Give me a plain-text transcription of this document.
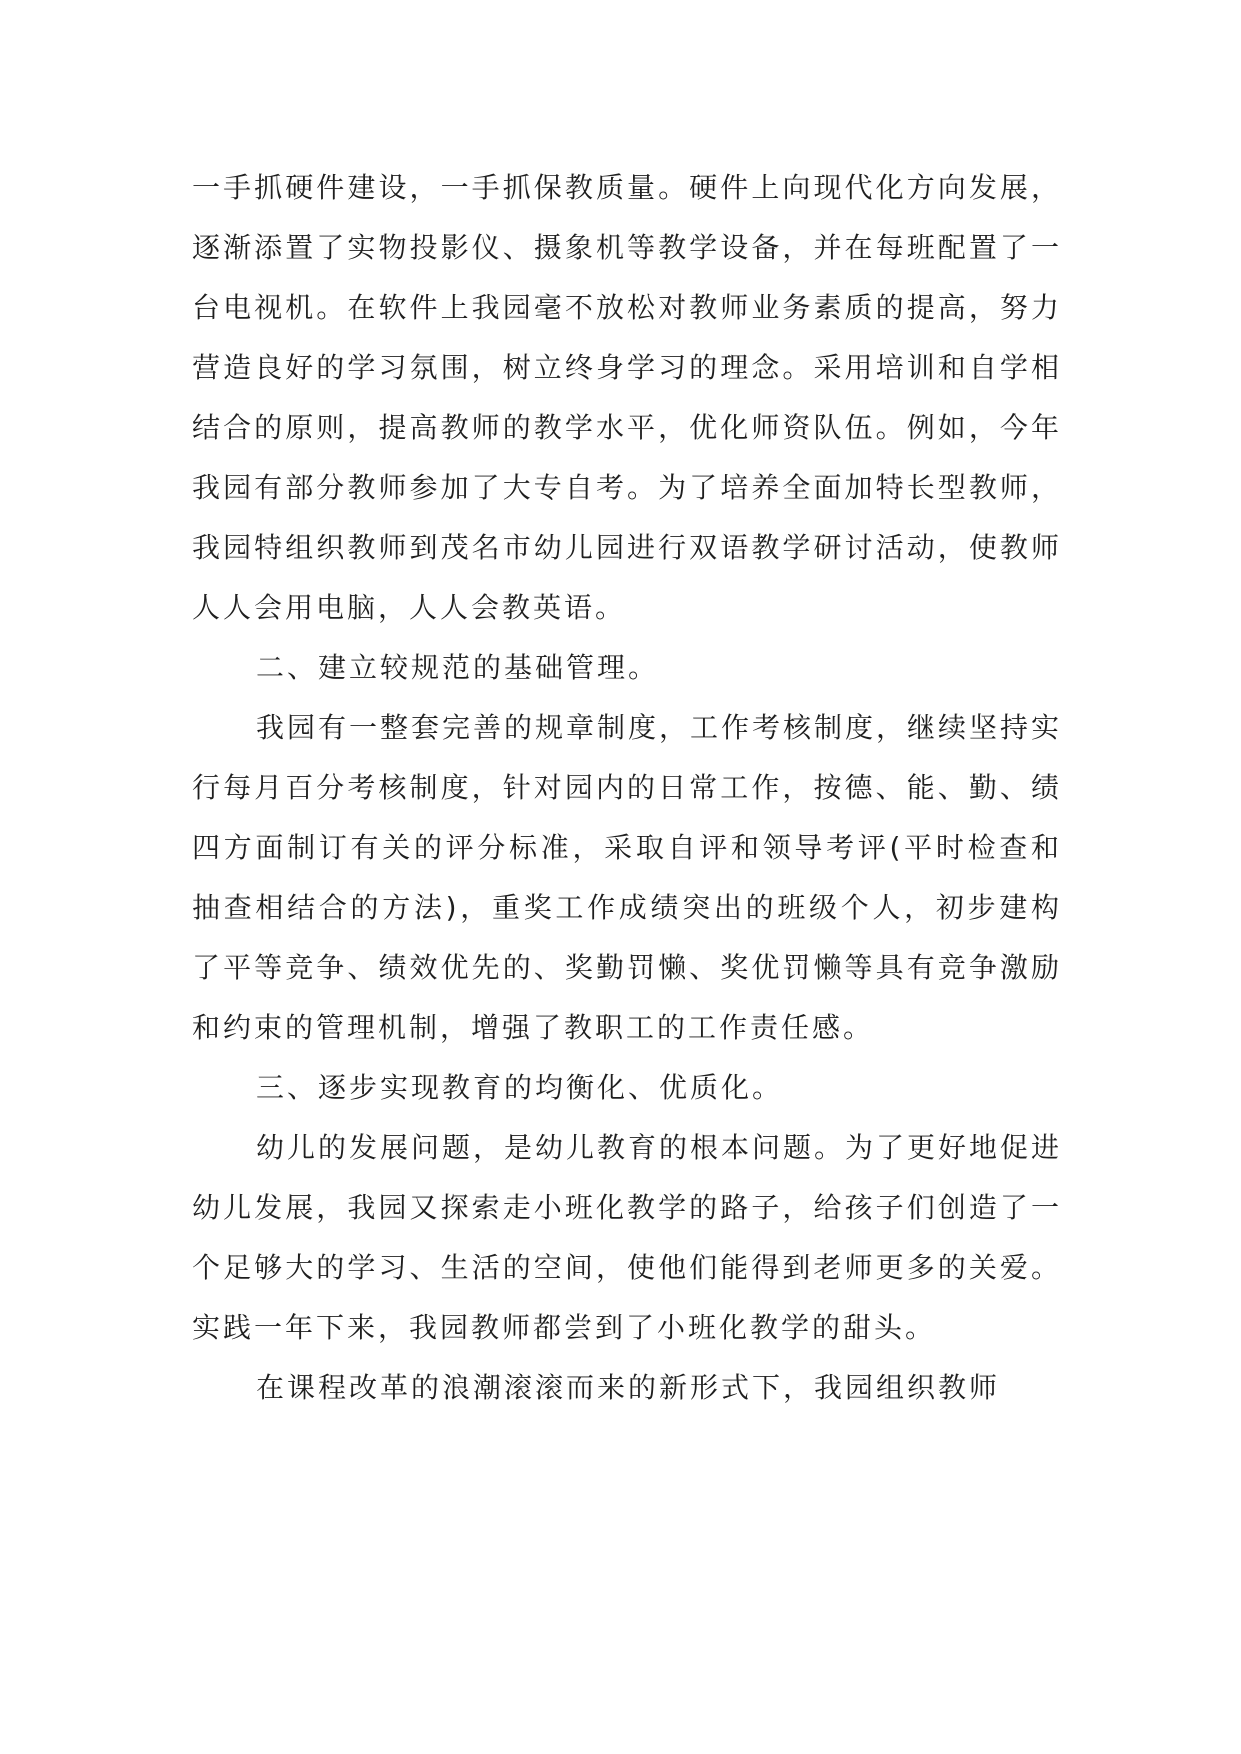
一手抓硬件建设，一手抓保教质量。硬件上向现代化方向发展，逐渐添置了实物投影仪、摄象机等教学设备，并在每班配置了一台电视机。在软件上我园毫不放松对教师业务素质的提高，努力营造良好的学习氛围，树立终身学习的理念。采用培训和自学相结合的原则，提高教师的教学水平，优化师资队伍。例如，今年我园有部分教师参加了大专自考。为了培养全面加特长型教师，我园特组织教师到茂名市幼儿园进行双语教学研讨活动，使教师人人会用电脑，人人会教英语。

二、建立较规范的基础管理。

我园有一整套完善的规章制度，工作考核制度，继续坚持实行每月百分考核制度，针对园内的日常工作，按德、能、勤、绩四方面制订有关的评分标准，采取自评和领导考评(平时检查和抽查相结合的方法)，重奖工作成绩突出的班级个人，初步建构了平等竞争、绩效优先的、奖勤罚懒、奖优罚懒等具有竞争激励和约束的管理机制，增强了教职工的工作责任感。

三、逐步实现教育的均衡化、优质化。

幼儿的发展问题，是幼儿教育的根本问题。为了更好地促进幼儿发展，我园又探索走小班化教学的路子，给孩子们创造了一个足够大的学习、生活的空间，使他们能得到老师更多的关爱。实践一年下来，我园教师都尝到了小班化教学的甜头。

在课程改革的浪潮滚滚而来的新形式下，我园组织教师
